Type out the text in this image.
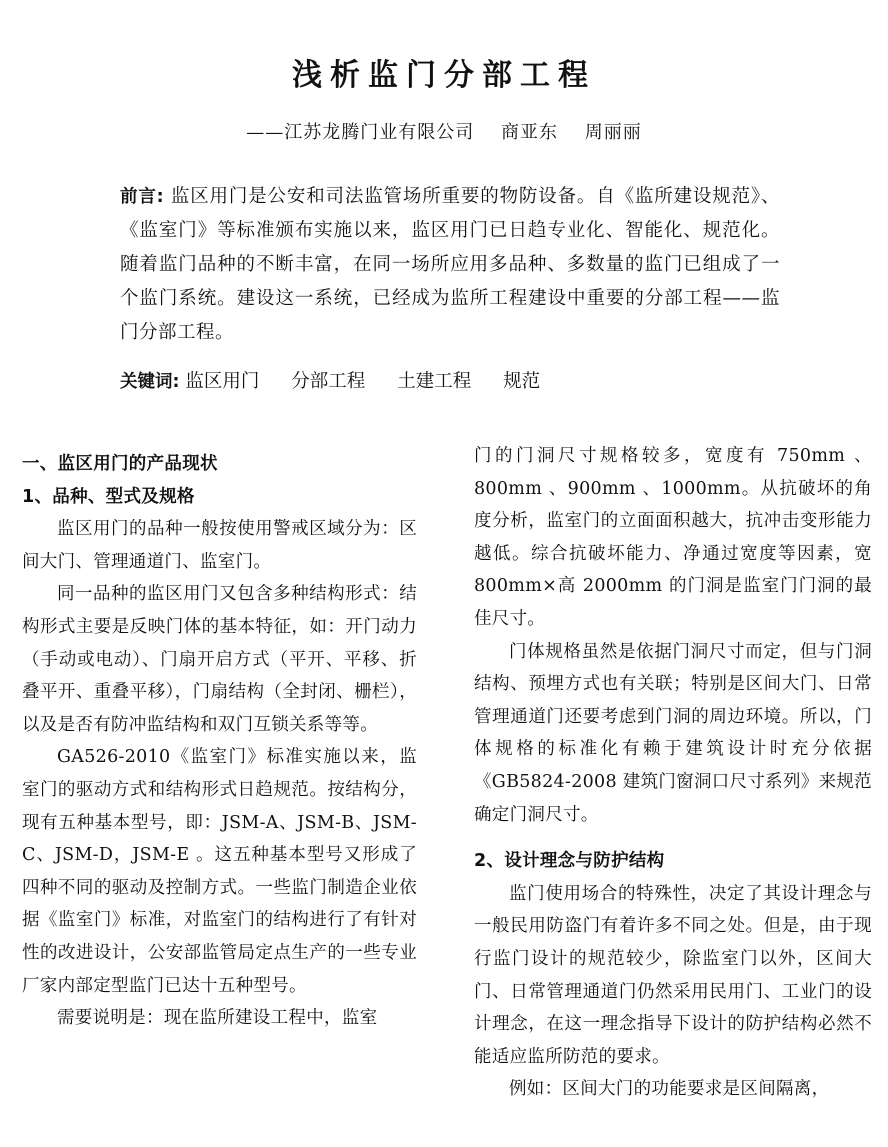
浅析监门分部工程
——江苏龙腾门业有限公司 商亚东 周丽丽

前言: 监区用门是公安和司法监管场所重要的物防设备。自《监所建设规范》、《监室门》等标准颁布实施以来，监区用门已日趋专业化、智能化、规范化。随着监门品种的不断丰富，在同一场所应用多品种、多数量的监门已组成了一个监门系统。建设这一系统，已经成为监所工程建设中重要的分部工程——监门分部工程。

关键词: 监区用门 分部工程 土建工程 规范

一、监区用门的产品现状

1、品种、型式及规格

监区用门的品种一般按使用警戒区域分为：区间大门、管理通道门、监室门。

同一品种的监区用门又包含多种结构形式：结构形式主要是反映门体的基本特征，如：开门动力（手动或电动）、门扇开启方式（平开、平移、折叠平开、重叠平移），门扇结构（全封闭、栅栏），以及是否有防冲监结构和双门互锁关系等等。

GA526-2010《监室门》标准实施以来，监室门的驱动方式和结构形式日趋规范。按结构分，现有五种基本型号，即：JSM-A、JSM-B、JSM-C、JSM-D，JSM-E 。这五种基本型号又形成了四种不同的驱动及控制方式。一些监门制造企业依据《监室门》标准，对监室门的结构进行了有针对性的改进设计，公安部监管局定点生产的一些专业厂家内部定型监门已达十五种型号。

需要说明是：现在监所建设工程中，监室

门的门洞尺寸规格较多，宽度有 750mm 、800mm 、900mm 、1000mm。从抗破坏的角度分析，监室门的立面面积越大，抗冲击变形能力越低。综合抗破坏能力、净通过宽度等因素，宽 800mm×高 2000mm 的门洞是监室门门洞的最佳尺寸。

门体规格虽然是依据门洞尺寸而定，但与门洞结构、预埋方式也有关联；特别是区间大门、日常管理通道门还要考虑到门洞的周边环境。所以，门体规格的标准化有赖于建筑设计时充分依据《GB5824-2008 建筑门窗洞口尺寸系列》来规范确定门洞尺寸。

2、设计理念与防护结构

监门使用场合的特殊性，决定了其设计理念与一般民用防盗门有着许多不同之处。但是，由于现行监门设计的规范较少，除监室门以外，区间大门、日常管理通道门仍然采用民用门、工业门的设计理念，在这一理念指导下设计的防护结构必然不能适应监所防范的要求。

例如：区间大门的功能要求是区间隔离，
